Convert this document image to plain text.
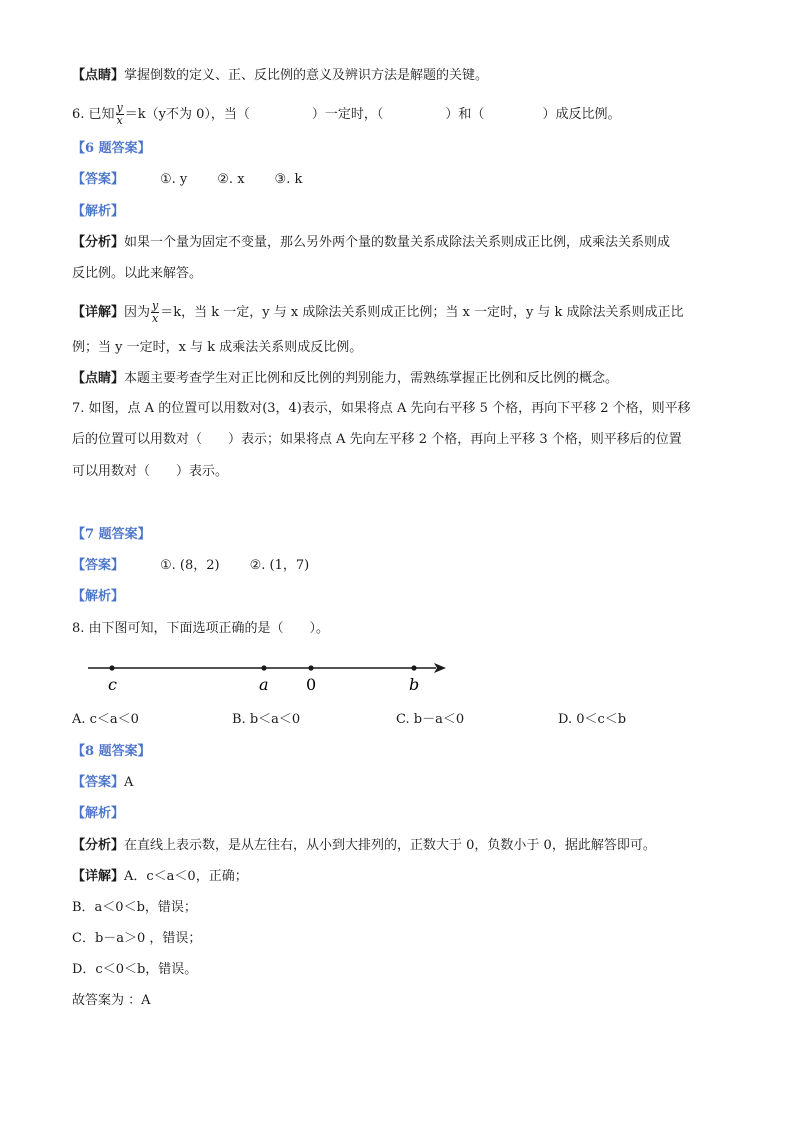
【点睛】掌握倒数的定义、正、反比例的意义及辨识方法是解题的关键。
6. 已知 $\frac{y}{x} =k(y$不为 0），当（	）一定时，（	）和（	）成反比例。
【6 题答案】
【答案】	①. y ②. x ③. k
【解析】
【分析】如果一个量为固定不变量，那么另外两个量的数量关系成除法关系则成正比例，成乘法关系则成
反比例。以此来解答。
【详解】因为 $\frac{y}{x} =k$，当 k 一定，y 与 x 成除法关系则成正比例；当 x 一定时，y 与 k 成除法关系则成正比
例；当 y 一定时，x 与 k 成乘法关系则成反比例。
【点睛】本题主要考查学生对正比例和反比例的判别能力，需熟练掌握正比例和反比例的概念。
7. 如图，点 A 的位置可以用数对(3，4)表示，如果将点 A 先向右平移 5 个格，再向下平移 2 个格，则平移
后的位置可以用数对（　　）表示；如果将点 A 先向左平移 2 个格，再向上平移 3 个格，则平移后的位置
可以用数对（　　）表示。
【7 题答案】
【答案】	①. (8，2) ②. (1，7)
【解析】
8. 由下图可知，下面选项正确的是（　　）。
c	a 0	b
A. c＜a＜0	B. b＜a＜0	C. b－a＜0	D. 0＜c＜b
【8 题答案】
【答案】A
【解析】
【分析】在直线上表示数，是从左往右，从小到大排列的，正数大于 0，负数小于 0，据此解答即可。
【详解】A．c＜a＜0，正确；
B．a＜0＜b，错误；
C．b－a＞0 ，错误；
D．c＜0＜b，错误。
故答案为 ：A
